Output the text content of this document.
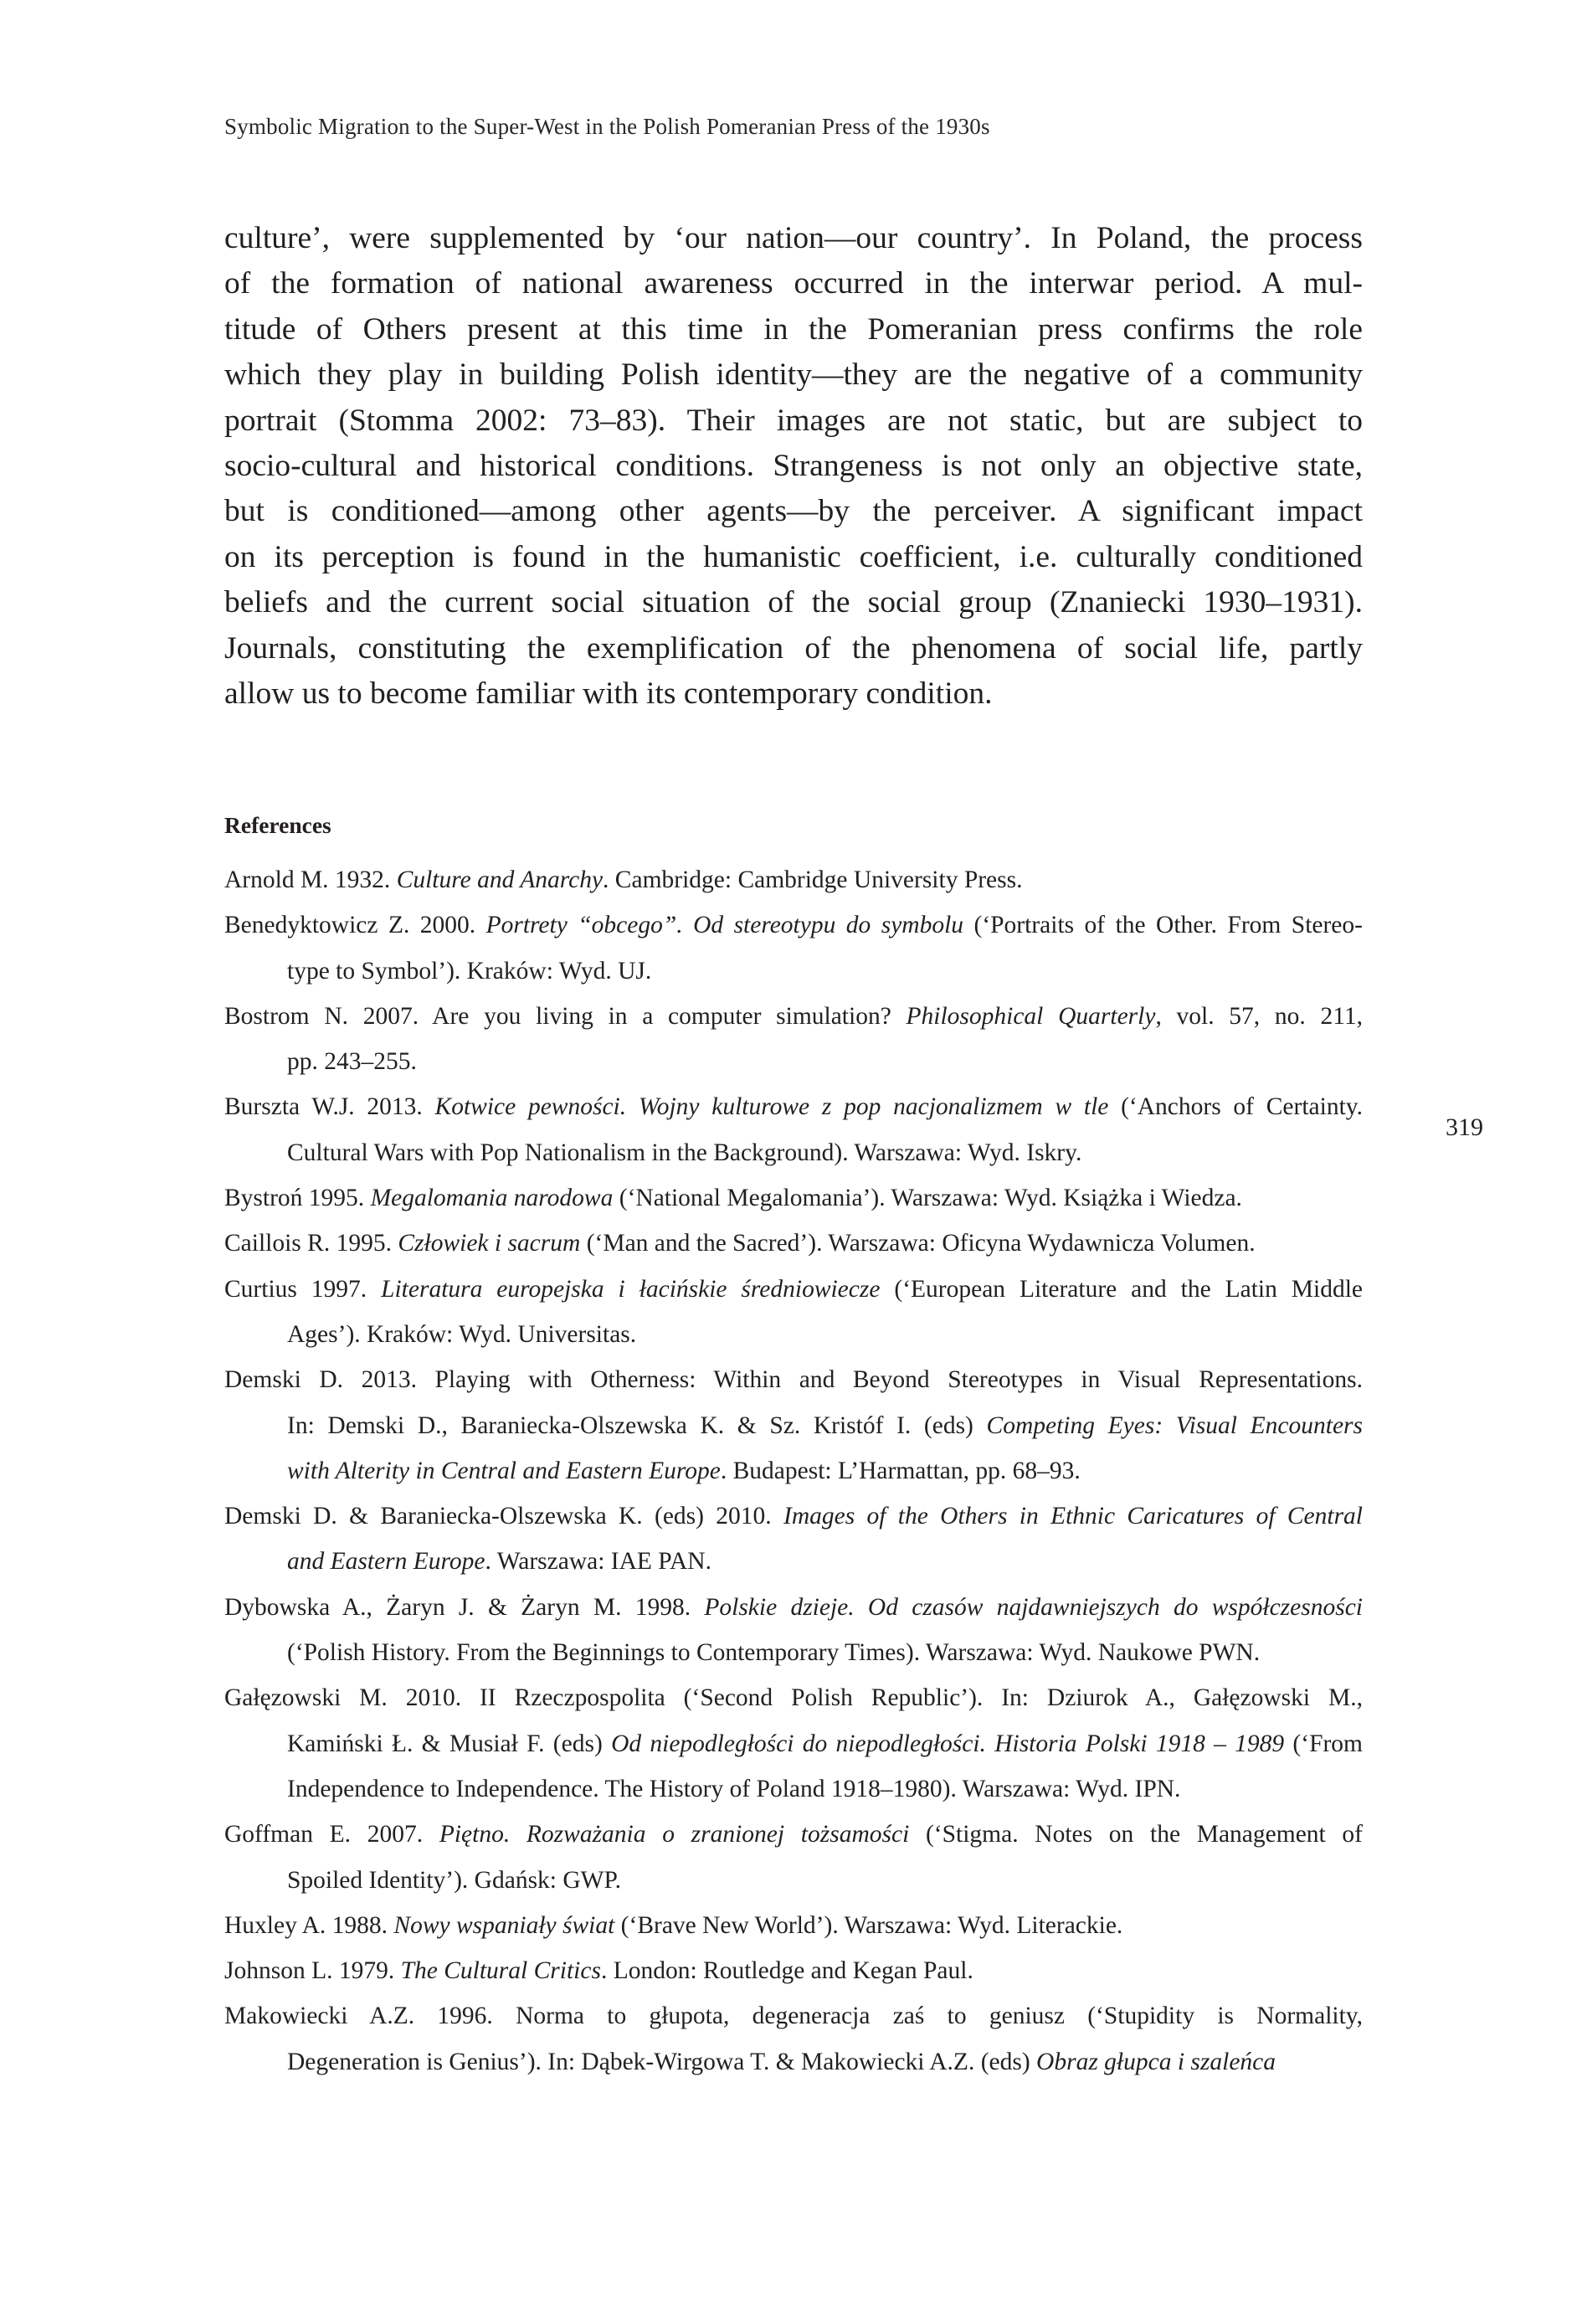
Symbolic Migration to the Super-West in the Polish Pomeranian Press of the 1930s
culture’, were supplemented by ‘our nation—our country’. In Poland, the process
of the formation of national awareness occurred in the interwar period. A mul-
titude of Others present at this time in the Pomeranian press confirms the role
which they play in building Polish identity—they are the negative of a community
portrait (Stomma 2002: 73–83). Their images are not static, but are subject to
socio-cultural and historical conditions. Strangeness is not only an objective state,
but is conditioned—among other agents—by the perceiver. A significant impact
on its perception is found in the humanistic coefficient, i.e. culturally conditioned
beliefs and the current social situation of the social group (Znaniecki 1930–1931).
Journals, constituting the exemplification of the phenomena of social life, partly
allow us to become familiar with its contemporary condition.
References
Arnold M. 1932. Culture and Anarchy. Cambridge: Cambridge University Press.
Benedyktowicz Z. 2000. Portrety “obcego”. Od stereotypu do symbolu (‘Portraits of the Other. From Stereo-
type to Symbol’). Kraków: Wyd. UJ.
Bostrom N. 2007. Are you living in a computer simulation? Philosophical Quarterly, vol. 57, no. 211,
pp. 243–255.
Burszta W.J. 2013. Kotwice pewności. Wojny kulturowe z pop nacjonalizmem w tle (‘Anchors of Certainty.
Cultural Wars with Pop Nationalism in the Background). Warszawa: Wyd. Iskry.
Bystroń 1995. Megalomania narodowa (‘National Megalomania’). Warszawa: Wyd. Książka i Wiedza.
Caillois R. 1995. Człowiek i sacrum (‘Man and the Sacred’). Warszawa: Oficyna Wydawnicza Volumen.
Curtius 1997. Literatura europejska i łacińskie średniowiecze (‘European Literature and the Latin Middle
Ages’). Kraków: Wyd. Universitas.
Demski D. 2013. Playing with Otherness: Within and Beyond Stereotypes in Visual Representations.
In: Demski D., Baraniecka-Olszewska K. & Sz. Kristóf I. (eds) Competing Eyes: Visual Encounters
with Alterity in Central and Eastern Europe. Budapest: L’Harmattan, pp. 68–93.
Demski D. & Baraniecka-Olszewska K. (eds) 2010. Images of the Others in Ethnic Caricatures of Central
and Eastern Europe. Warszawa: IAE PAN.
Dybowska A., Żaryn J. & Żaryn M. 1998. Polskie dzieje. Od czasów najdawniejszych do współczesności
(‘Polish History. From the Beginnings to Contemporary Times). Warszawa: Wyd. Naukowe PWN.
Gałęzowski M. 2010. II Rzeczpospolita (‘Second Polish Republic’). In: Dziurok A., Gałęzowski M.,
Kamiński Ł. & Musiał F. (eds) Od niepodległości do niepodległości. Historia Polski 1918 – 1989 (‘From
Independence to Independence. The History of Poland 1918–1980). Warszawa: Wyd. IPN.
Goffman E. 2007. Piętno. Rozważania o zranionej tożsamości (‘Stigma. Notes on the Management of
Spoiled Identity’). Gdańsk: GWP.
Huxley A. 1988. Nowy wspaniały świat (‘Brave New World’). Warszawa: Wyd. Literackie.
Johnson L. 1979. The Cultural Critics. London: Routledge and Kegan Paul.
Makowiecki A.Z. 1996. Norma to głupota, degeneracja zaś to geniusz (‘Stupidity is Normality,
Degeneration is Genius’). In: Dąbek-Wirgowa T. & Makowiecki A.Z. (eds) Obraz głupca i szaleńca
319
